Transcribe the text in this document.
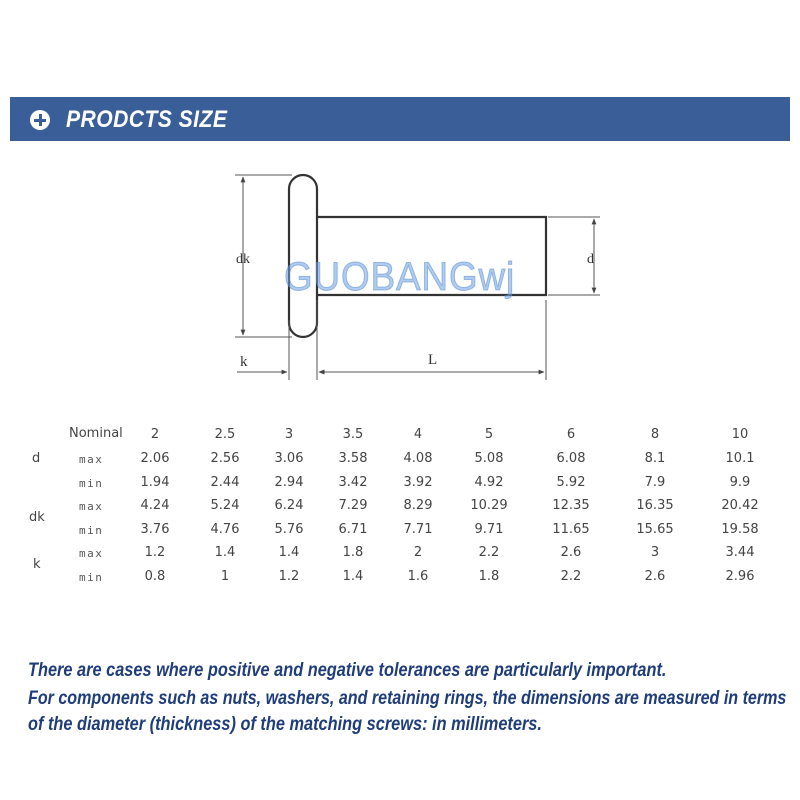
PRODCTS SIZE
dk	d
k	L
GUOBANGwj
Nominal 2	2.5	3	3.5	4	5	6	8	10
d	max	2.06	2.56	3.06	3.58	4.08	5.08	6.08	8.1	10.1
min	1.94	2.44	2.94	3.42	3.92	4.92	5.92	7.9	9.9
dk
max	4.24	5.24	6.24	7.29	8.29	10.29	12.35	16.35	20.42
min	3.76	4.76	5.76	6.71	7.71	9.71	11.65	15.65	19.58
k
max	1.2	1.4	1.4	1.8	2	2.2	2.6	3	3.44
min	0.8	1	1.2	1.4	1.6	1.8	2.2	2.6	2.96
There are cases where positive and negative tolerances are particularly important.
For components such as nuts, washers, and retaining rings, the dimensions are measured in terms
of the diameter (thickness) of the matching screws: in millimeters.
